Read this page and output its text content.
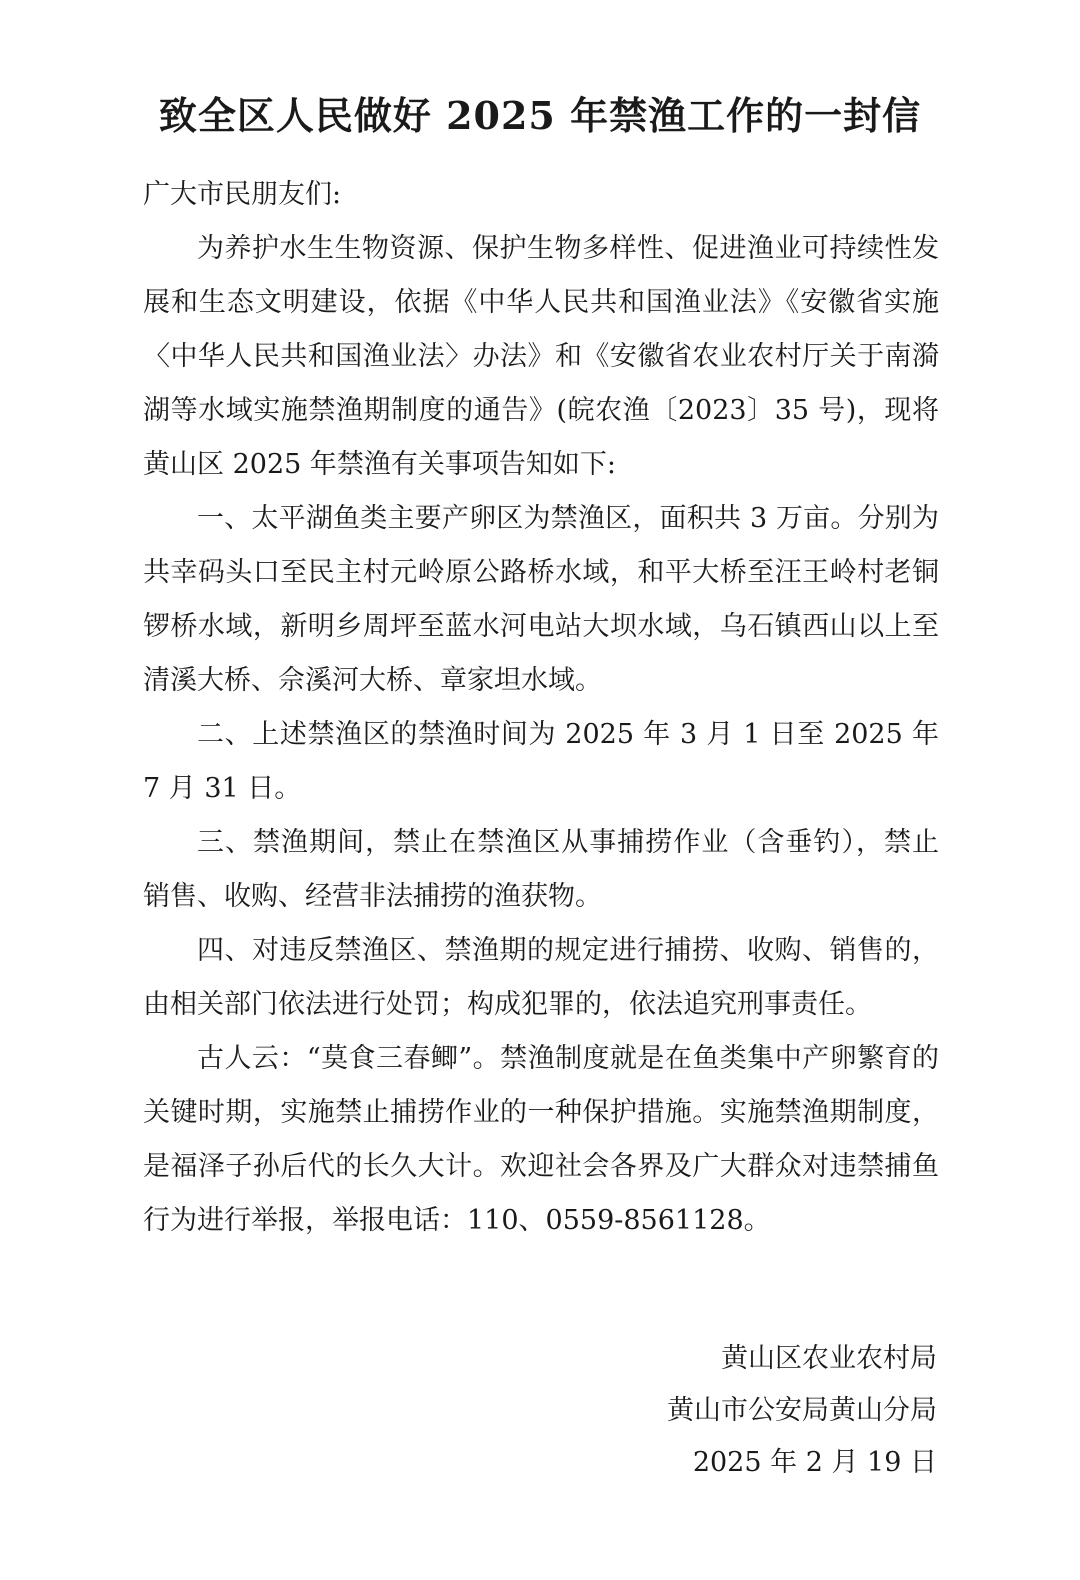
致全区人民做好 2025 年禁渔工作的一封信

广大市民朋友们:

为养护水生生物资源、保护生物多样性、促进渔业可持续性发展和生态文明建设，依据《中华人民共和国渔业法》《安徽省实施〈中华人民共和国渔业法〉办法》和《安徽省农业农村厅关于南漪湖等水域实施禁渔期制度的通告》(皖农渔〔2023〕35 号)，现将黄山区 2025 年禁渔有关事项告知如下:

一、太平湖鱼类主要产卵区为禁渔区，面积共 3 万亩。分别为共幸码头口至民主村元岭原公路桥水域，和平大桥至汪王岭村老铜锣桥水域，新明乡周坪至蓝水河电站大坝水域，乌石镇西山以上至清溪大桥、佘溪河大桥、章家坦水域。

二、上述禁渔区的禁渔时间为 2025 年 3 月 1 日至 2025 年 7 月 31 日。

三、禁渔期间，禁止在禁渔区从事捕捞作业（含垂钓），禁止销售、收购、经营非法捕捞的渔获物。

四、对违反禁渔区、禁渔期的规定进行捕捞、收购、销售的，由相关部门依法进行处罚；构成犯罪的，依法追究刑事责任。

古人云：“莫食三春鲫”。禁渔制度就是在鱼类集中产卵繁育的关键时期，实施禁止捕捞作业的一种保护措施。实施禁渔期制度，是福泽子孙后代的长久大计。欢迎社会各界及广大群众对违禁捕鱼行为进行举报，举报电话：110、0559-8561128。

黄山区农业农村局
黄山市公安局黄山分局
2025 年 2 月 19 日
